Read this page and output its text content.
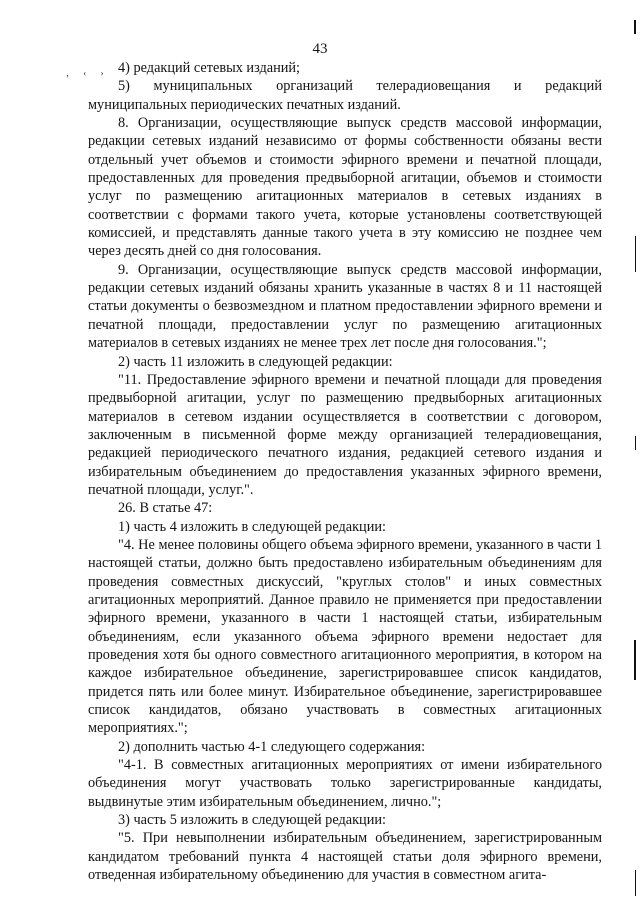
43
‚ ‹ › 4) редакций сетевых изданий;

5) муниципальных организаций телерадиовещания и редакций муниципальных периодических печатных изданий.

8. Организации, осуществляющие выпуск средств массовой информации, редакции сетевых изданий независимо от формы собственности обязаны вести отдельный учет объемов и стоимости эфирного времени и печатной площади, предоставленных для проведения предвыборной агитации, объемов и стоимости услуг по размещению агитационных материалов в сетевых изданиях в соответствии с формами такого учета, которые установлены соответствующей комиссией, и представлять данные такого учета в эту комиссию не позднее чем через десять дней со дня голосования.

9. Организации, осуществляющие выпуск средств массовой информации, редакции сетевых изданий обязаны хранить указанные в частях 8 и 11 настоящей статьи документы о безвозмездном и платном предоставлении эфирного времени и печатной площади, предоставлении услуг по размещению агитационных материалов в сетевых изданиях не менее трех лет после дня голосования.";

2) часть 11 изложить в следующей редакции:

"11. Предоставление эфирного времени и печатной площади для проведения предвыборной агитации, услуг по размещению предвыборных агитационных материалов в сетевом издании осуществляется в соответствии с договором, заключенным в письменной форме между организацией телерадиовещания, редакцией периодического печатного издания, редакцией сетевого издания и избирательным объединением до предоставления указанных эфирного времени, печатной площади, услуг.".

26. В статье 47:

1) часть 4 изложить в следующей редакции:

"4. Не менее половины общего объема эфирного времени, указанного в части 1 настоящей статьи, должно быть предоставлено избирательным объединениям для проведения совместных дискуссий, "круглых столов" и иных совместных агитационных мероприятий. Данное правило не применяется при предоставлении эфирного времени, указанного в части 1 настоящей статьи, избирательным объединениям, если указанного объема эфирного времени недостает для проведения хотя бы одного совместного агитационного мероприятия, в котором на каждое избирательное объединение, зарегистрировавшее список кандидатов, придется пять или более минут. Избирательное объединение, зарегистрировавшее список кандидатов, обязано участвовать в совместных агитационных мероприятиях.";

2) дополнить частью 4-1 следующего содержания:

"4-1. В совместных агитационных мероприятиях от имени избирательного объединения могут участвовать только зарегистрированные кандидаты, выдвинутые этим избирательным объединением, лично.";

3) часть 5 изложить в следующей редакции:

"5. При невыполнении избирательным объединением, зарегистрированным кандидатом требований пункта 4 настоящей статьи доля эфирного времени, отведенная избирательному объединению для участия в совместном агита-
